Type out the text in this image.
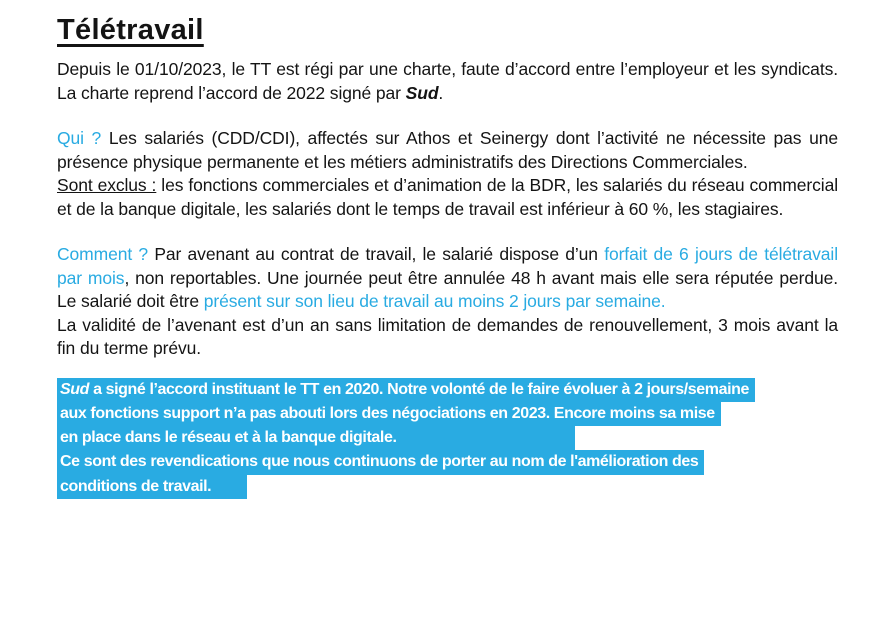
Télétravail

Depuis le 01/10/2023, le TT est régi par une charte, faute d’accord entre l’employeur et les syndicats. La charte reprend l’accord de 2022 signé par Sud.

Qui ? Les salariés (CDD/CDI), affectés sur Athos et Seinergy dont l’activité ne nécessite pas une présence physique permanente et les métiers administratifs des Directions Commerciales.

Sont exclus : les fonctions commerciales et d’animation de la BDR, les salariés du réseau commercial et de la banque digitale, les salariés dont le temps de travail est inférieur à 60 %, les stagiaires.

Comment ? Par avenant au contrat de travail, le salarié dispose d’un forfait de 6 jours de télétravail par mois, non reportables. Une journée peut être annulée 48 h avant mais elle sera réputée perdue. Le salarié doit être présent sur son lieu de travail au moins 2 jours par semaine.

La validité de l’avenant est d’un an sans limitation de demandes de renouvellement, 3 mois avant la fin du terme prévu.

Sud a signé l’accord instituant le TT en 2020. Notre volonté de le faire évoluer à 2 jours/semaine
aux fonctions support n’a pas abouti lors des négociations en 2023. Encore moins sa mise
en place dans le réseau et à la banque digitale.
Ce sont des revendications que nous continuons de porter au nom de l'amélioration des
conditions de travail.
